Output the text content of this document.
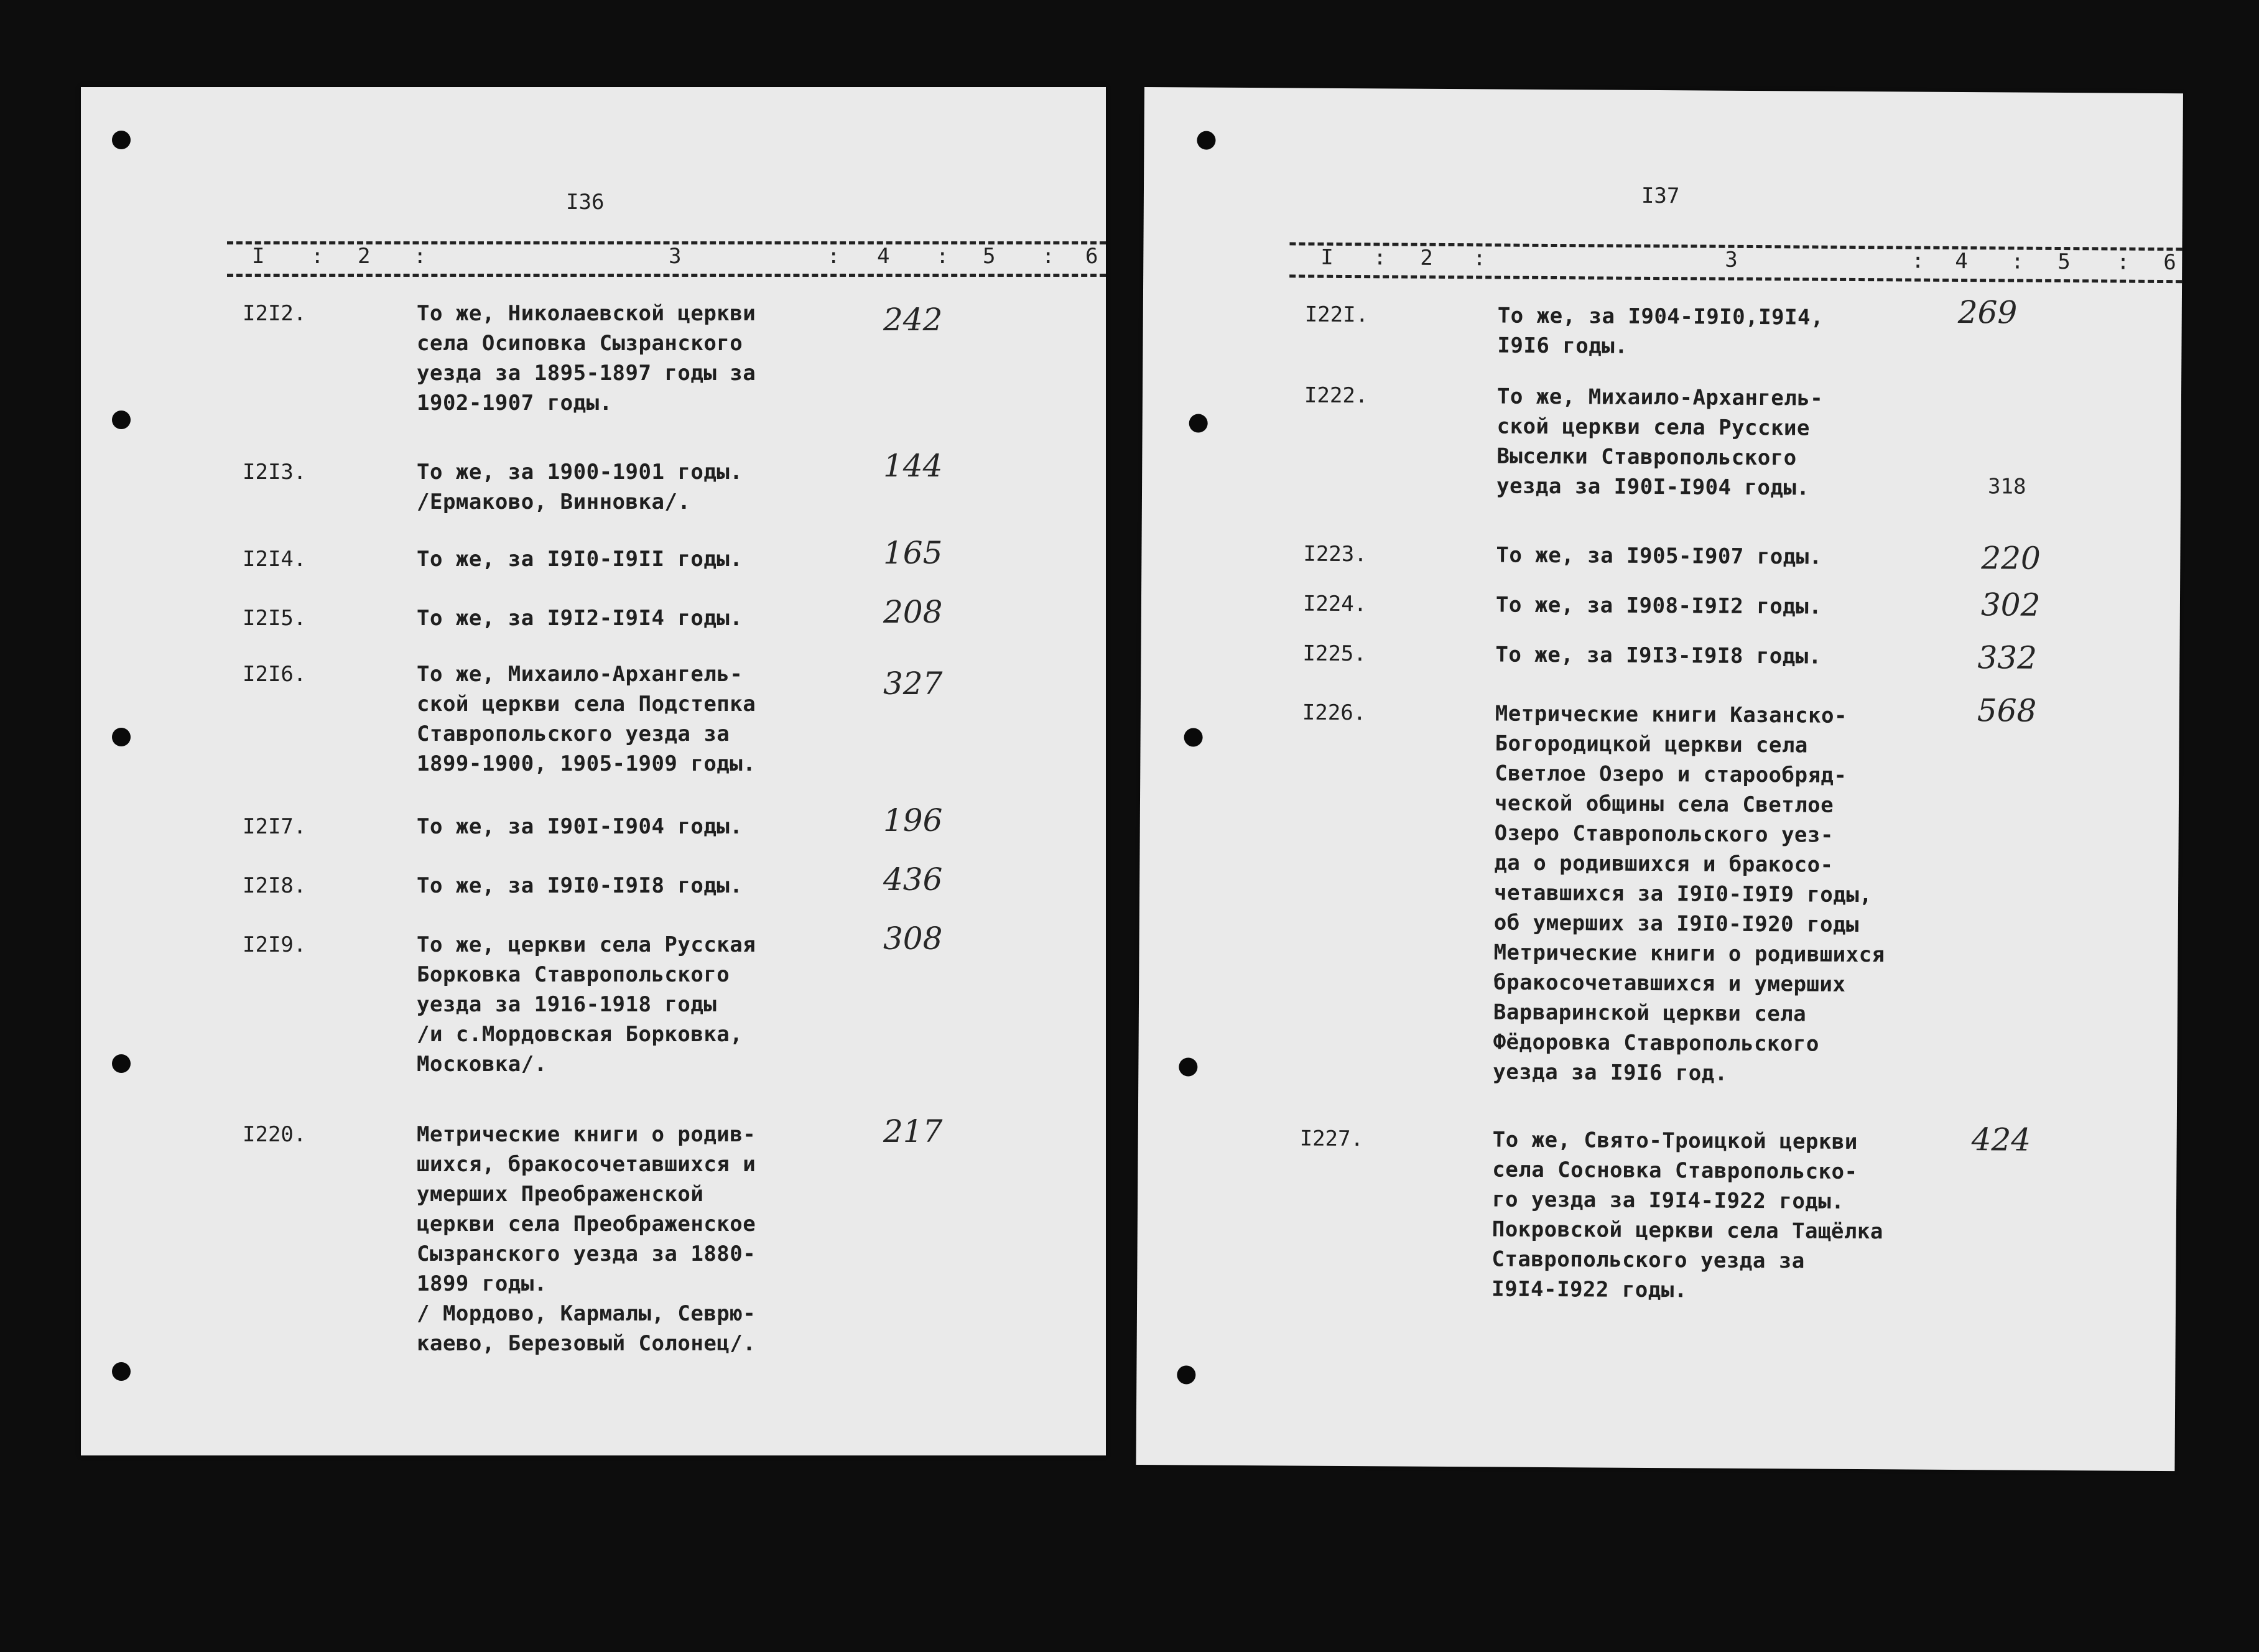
I36
I : 2 :	3	: 4 : 5 : 6
I2I2.	То же, Николаевской церкви
села Осиповка Сызранского
уезда за 1895-1897 годы за
1902-1907 годы.
242
I2I3.	То же, за 1900-1901 годы.
/Ермаково, Винновка/.
144
I2I4.	То же, за I9I0-I9II годы.	165
I2I5.	То же, за I9I2-I9I4 годы.	208
I2I6.	То же, Михаило-Архангель-
ской церкви села Подстепка
Ставропольского уезда за
1899-1900, 1905-1909 годы.
327
I2I7.	То же, за I90I-I904 годы.	196
I2I8.	То же, за I9I0-I9I8 годы.	436
I2I9.	То же, церкви села Русская
Борковка Ставропольского
уезда за 1916-1918 годы
/и с.Мордовская Борковка,
Московка/.
308
I220.	Метрические книги о родив-
шихся, бракосочетавшихся и
умерших Преображенской
церкви села Преображенское
Сызранского уезда за 1880-
1899 годы.
/ Мордово, Кармалы, Севрю-
каево, Березовый Солонец/.
217
I37
I : 2 :	3	: 4 : 5 : 6
I22I.	То же, за I904-I9I0,I9I4,
I9I6 годы.
269
I222.	То же, Михаило-Архангель-
ской церкви села Русские
Выселки Ставропольского
уезда за I90I-I904 годы.	318
I223.	То же, за I905-I907 годы.	220
I224.	То же, за I908-I9I2 годы.	302
I225.	То же, за I9I3-I9I8 годы.	332
I226.	Метрические книги Казанско-
Богородицкой церкви села
Светлое Озеро и старообряд-
ческой общины села Светлое
Озеро Ставропольского уез-
да о родившихся и бракосо-
четавшихся за I9I0-I9I9 годы,
об умерших за I9I0-I920 годы
Метрические книги о родившихся
бракосочетавшихся и умерших
Варваринской церкви села
Фёдоровка Ставропольского
уезда за I9I6 год.
568
I227.	То же, Свято-Троицкой церкви
села Сосновка Ставропольско-
го уезда за I9I4-I922 годы.
Покровской церкви села Тащёлка
Ставропольского уезда за
I9I4-I922 годы.
424
